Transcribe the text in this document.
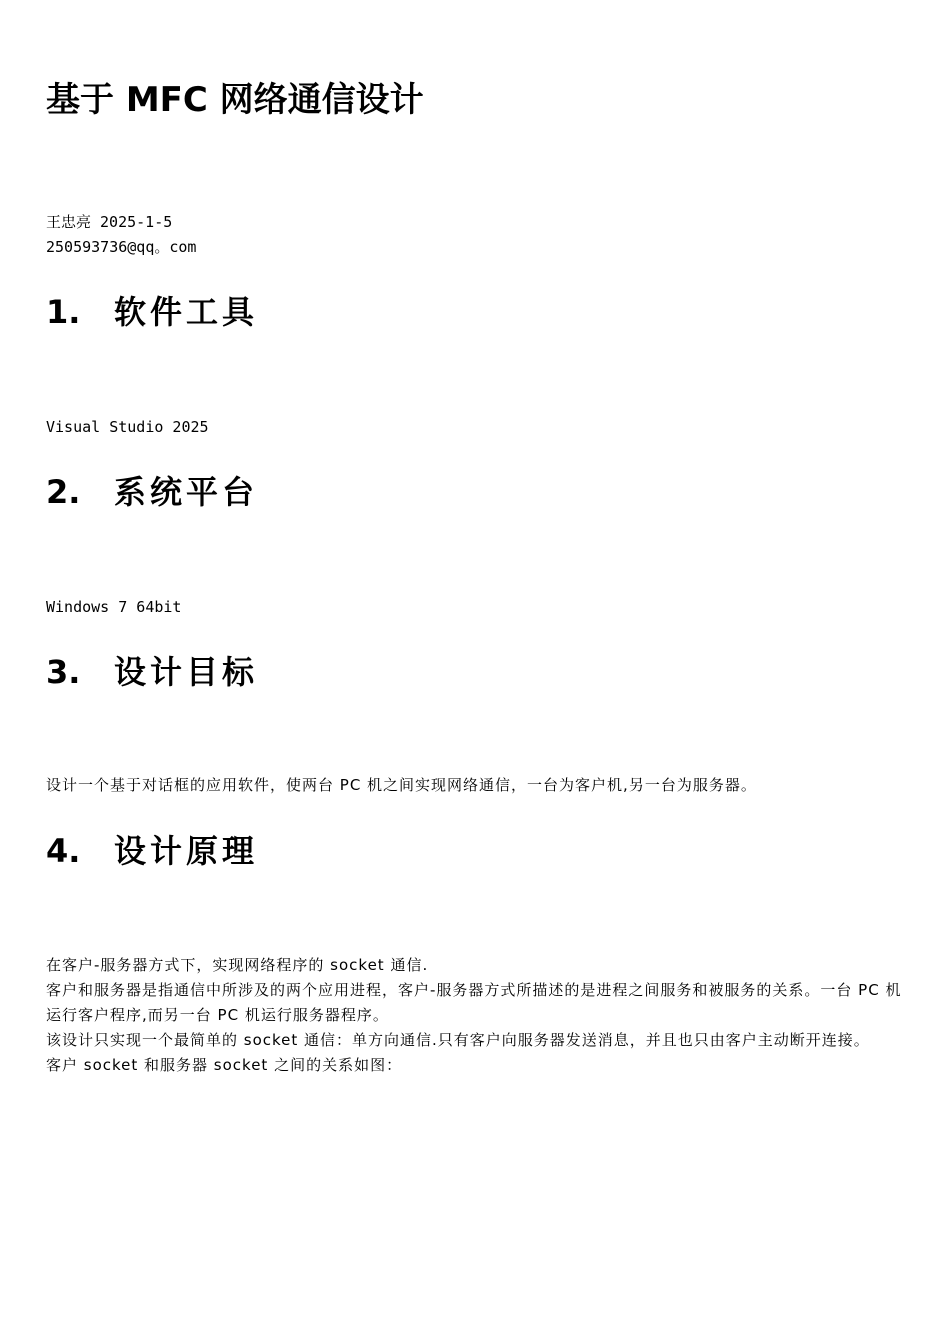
基于 MFC 网络通信设计
王忠亮 2025-1-5
250593736@qq。com
1. 软件工具
Visual Studio 2025
2. 系统平台
Windows 7 64bit
3. 设计目标

设计一个基于对话框的应用软件，使两台 PC 机之间实现网络通信，一台为客户机,另一台为服务器。

4. 设计原理

在客户-服务器方式下，实现网络程序的 socket 通信.

客户和服务器是指通信中所涉及的两个应用进程，客户-服务器方式所描述的是进程之间服务和被服务的关系。一台 PC 机运行客户程序,而另一台 PC 机运行服务器程序。

该设计只实现一个最简单的 socket 通信：单方向通信.只有客户向服务器发送消息，并且也只由客户主动断开连接。

客户 socket 和服务器 socket 之间的关系如图：
